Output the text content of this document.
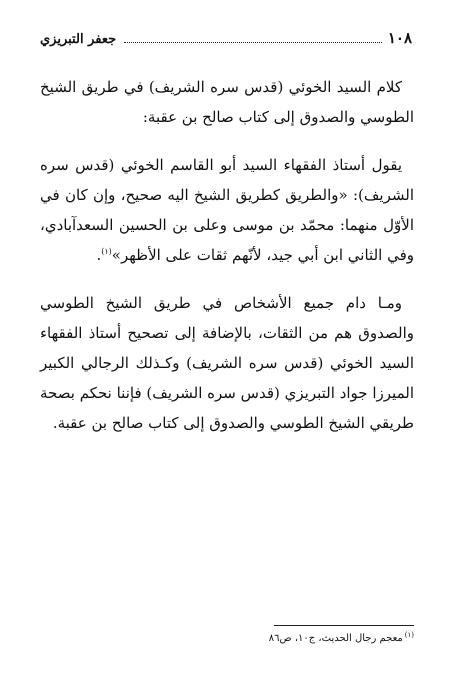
١٠٨
جعفر التبريزي

كلام السيد الخوئي (قدس سره الشريف) في طريق الشيخ الطوسي والصدوق إلى كتاب صالح بن عقبة:

يقول أستاذ الفقهاء السيد أبو القاسم الخوئي (قدس سره الشريف): «والطريق كطريق الشيخ اليه صحيح، وإن كان في الأوّل منهما: محمّد بن موسى وعلى بن الحسين السعدآبادي، وفي الثاني ابن أبي جيد، لأنّهم ثقات على الأظهر»$^{(١)}$.

ومـا دام جميع الأشخاص في طريق الشيخ الطوسي والصدوق هم من الثقات، بالإضافة إلى تصحيح أستاذ الفقهاء السيد الخوئي (قدس سره الشريف) وكـذلك الرجالي الكبير الميرزا جواد التبريزي (قدس سره الشريف) فإننا نحكم بصحة طريقي الشيخ الطوسي والصدوق إلى كتاب صالح بن عقبة.

$^{(١)}$معجم رجال الحديث، ج١٠، ص٨٦
